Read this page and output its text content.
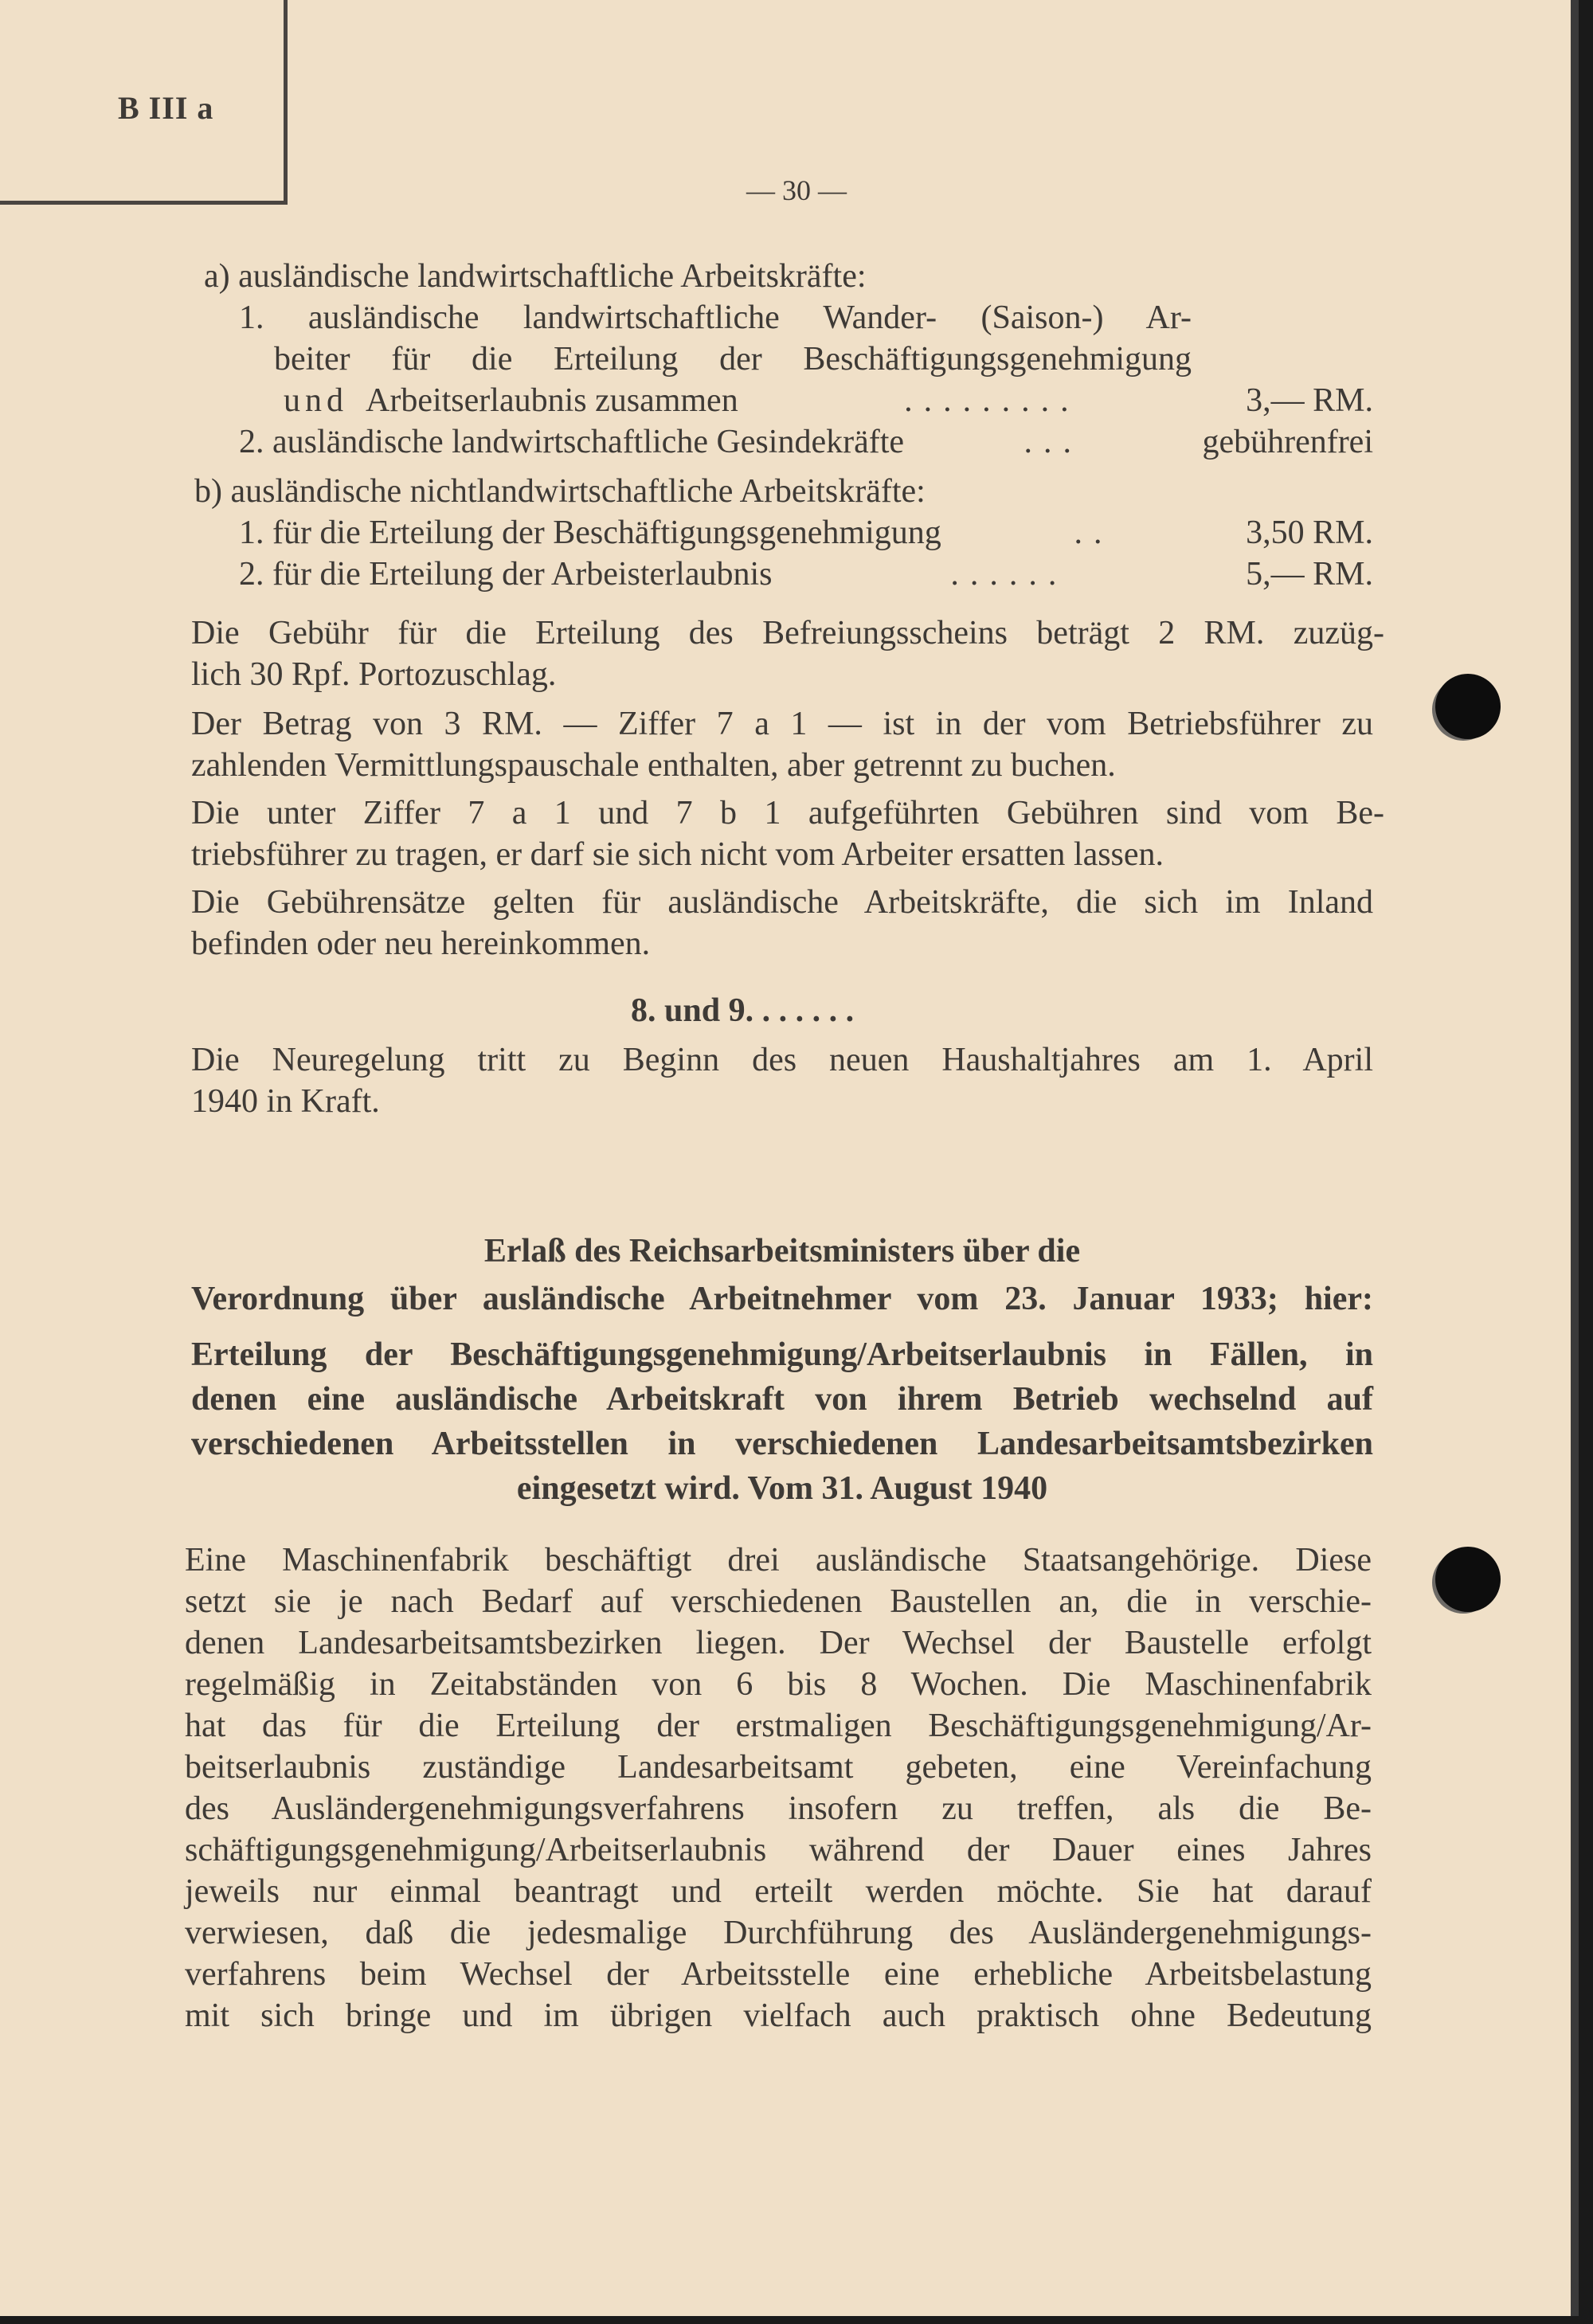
B III a
— 30 —
a) ausländische landwirtschaftliche Arbeitskräfte:
1. ausländische landwirtschaftliche Wander- (Saison-) Ar-
beiter für die Erteilung der Beschäftigungsgenehmigung
und Arbeitserlaubnis zusammen	.........	3,— RM.
2. ausländische landwirtschaftliche Gesindekräfte	...	gebührenfrei
b) ausländische nichtlandwirtschaftliche Arbeitskräfte:
1. für die Erteilung der Beschäftigungsgenehmigung	..	3,50 RM.
2. für die Erteilung der Arbeisterlaubnis	......	5,— RM.
Die Gebühr für die Erteilung des Befreiungsscheins beträgt 2 RM. zuzüg-
lich 30 Rpf. Portozuschlag.
Der Betrag von 3 RM. — Ziffer 7 a 1 — ist in der vom Betriebsführer zu
zahlenden Vermittlungspauschale enthalten, aber getrennt zu buchen.
Die unter Ziffer 7 a 1 und 7 b 1 aufgeführten Gebühren sind vom Be-
triebsführer zu tragen, er darf sie sich nicht vom Arbeiter ersatten lassen.
Die Gebührensätze gelten für ausländische Arbeitskräfte, die sich im Inland
befinden oder neu hereinkommen.
8. und 9. . . . . . .
Die Neuregelung tritt zu Beginn des neuen Haushaltjahres am 1. April
1940 in Kraft.
Erlaß des Reichsarbeitsministers über die
Verordnung über ausländische Arbeitnehmer vom 23. Januar 1933; hier:
Erteilung der Beschäftigungsgenehmigung/Arbeitserlaubnis in Fällen, in
denen eine ausländische Arbeitskraft von ihrem Betrieb wechselnd auf
verschiedenen Arbeitsstellen in verschiedenen Landesarbeitsamtsbezirken
eingesetzt wird. Vom 31. August 1940
Eine Maschinenfabrik beschäftigt drei ausländische Staatsangehörige. Diese
setzt sie je nach Bedarf auf verschiedenen Baustellen an, die in verschie-
denen Landesarbeitsamtsbezirken liegen. Der Wechsel der Baustelle erfolgt
regelmäßig in Zeitabständen von 6 bis 8 Wochen. Die Maschinenfabrik
hat das für die Erteilung der erstmaligen Beschäftigungsgenehmigung/Ar-
beitserlaubnis zuständige Landesarbeitsamt gebeten, eine Vereinfachung
des Ausländergenehmigungsverfahrens insofern zu treffen, als die Be-
schäftigungsgenehmigung/Arbeitserlaubnis während der Dauer eines Jahres
jeweils nur einmal beantragt und erteilt werden möchte. Sie hat darauf
verwiesen, daß die jedesmalige Durchführung des Ausländergenehmigungs-
verfahrens beim Wechsel der Arbeitsstelle eine erhebliche Arbeitsbelastung
mit sich bringe und im übrigen vielfach auch praktisch ohne Bedeutung
